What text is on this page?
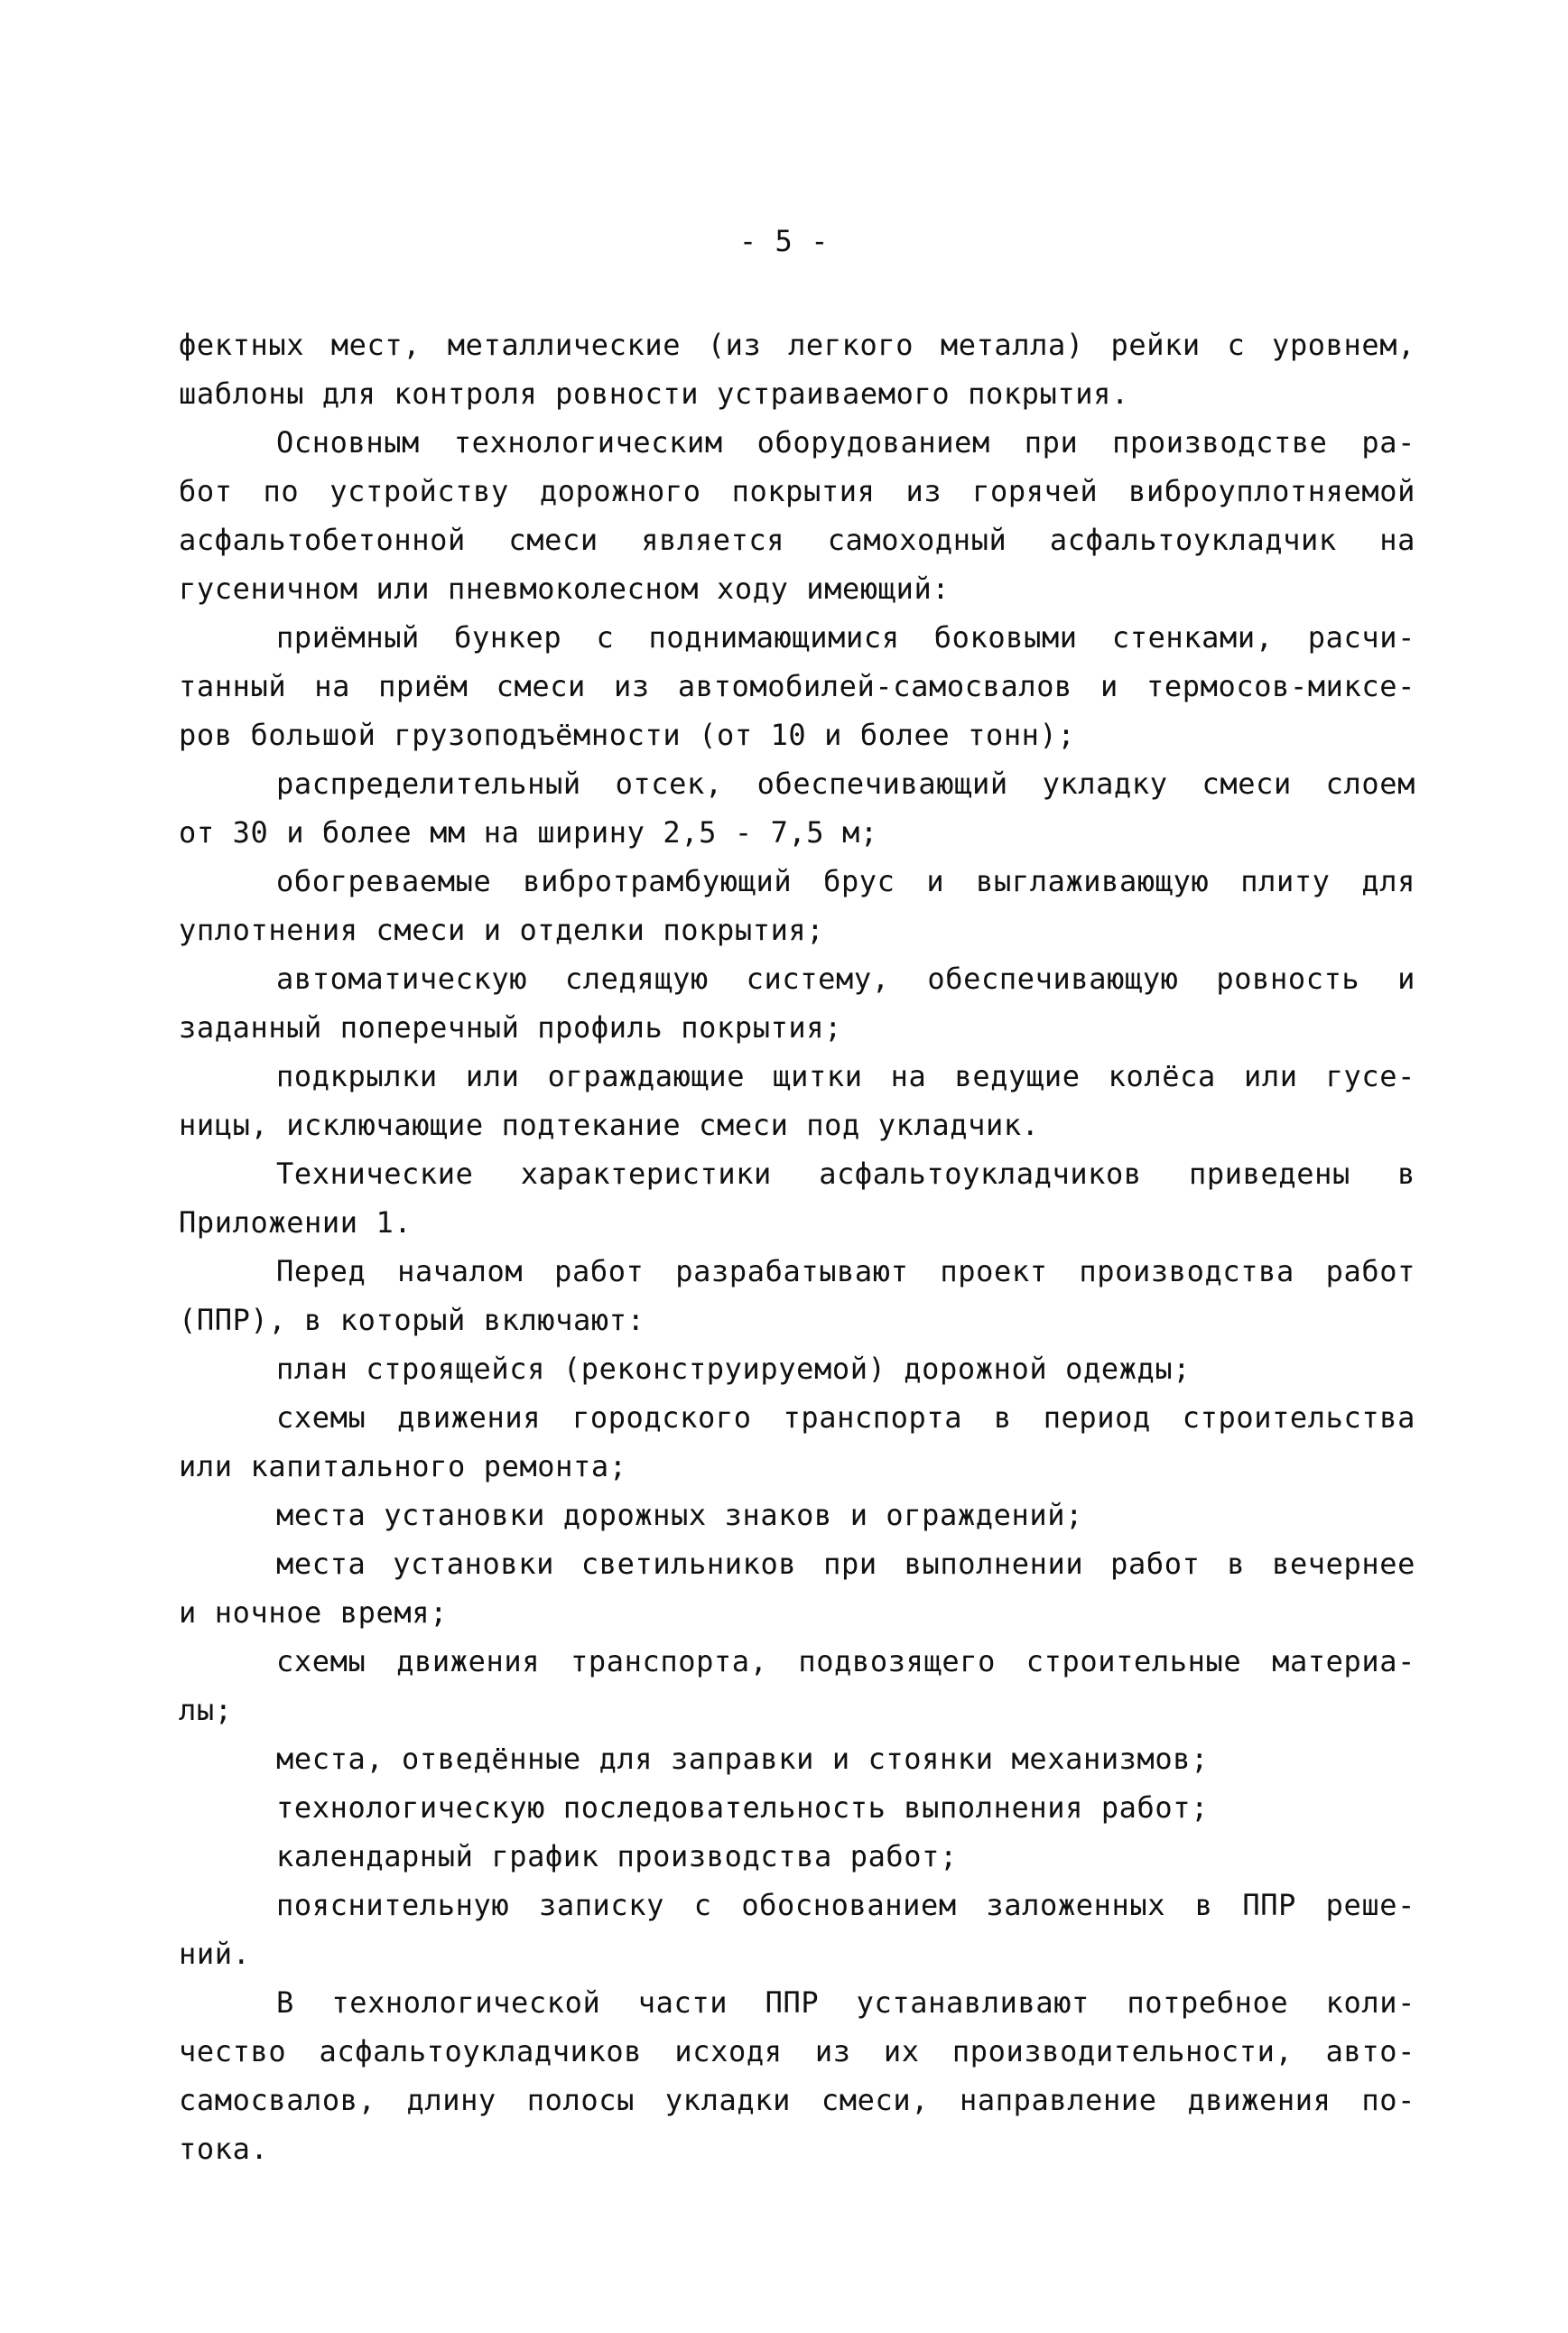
- 5 -
фектных мест, металлические (из легкого металла) рейки с уровнем,
шаблоны для контроля ровности устраиваемого покрытия.
Основным технологическим оборудованием при производстве ра-
бот по устройству дорожного покрытия из горячей виброуплотняемой
асфальтобетонной смеси является самоходный асфальтоукладчик на
гусеничном или пневмоколесном ходу имеющий:
приёмный бункер с поднимающимися боковыми стенками, расчи-
танный на приём смеси из автомобилей-самосвалов и термосов-миксе-
ров большой грузоподъёмности (от 10 и более тонн);
распределительный отсек, обеспечивающий укладку смеси слоем
от 30 и более мм на ширину 2,5 - 7,5 м;
обогреваемые вибротрамбующий брус и выглаживающую плиту для
уплотнения смеси и отделки покрытия;
автоматическую следящую систему, обеспечивающую ровность и
заданный поперечный профиль покрытия;
подкрылки или ограждающие щитки на ведущие колёса или гусе-
ницы, исключающие подтекание смеси под укладчик.
Технические характеристики асфальтоукладчиков приведены в
Приложении 1.
Перед началом работ разрабатывают проект производства работ
(ППР), в который включают:
план строящейся (реконструируемой) дорожной одежды;
схемы движения городского транспорта в период строительства
или капитального ремонта;
места установки дорожных знаков и ограждений;
места установки светильников при выполнении работ в вечернее
и ночное время;
схемы движения транспорта, подвозящего строительные материа-
лы;
места, отведённые для заправки и стоянки механизмов;
технологическую последовательность выполнения работ;
календарный график производства работ;
пояснительную записку с обоснованием заложенных в ППР реше-
ний.
В технологической части ППР устанавливают потребное коли-
чество асфальтоукладчиков исходя из их производительности, авто-
самосвалов, длину полосы укладки смеси, направление движения по-
тока.
